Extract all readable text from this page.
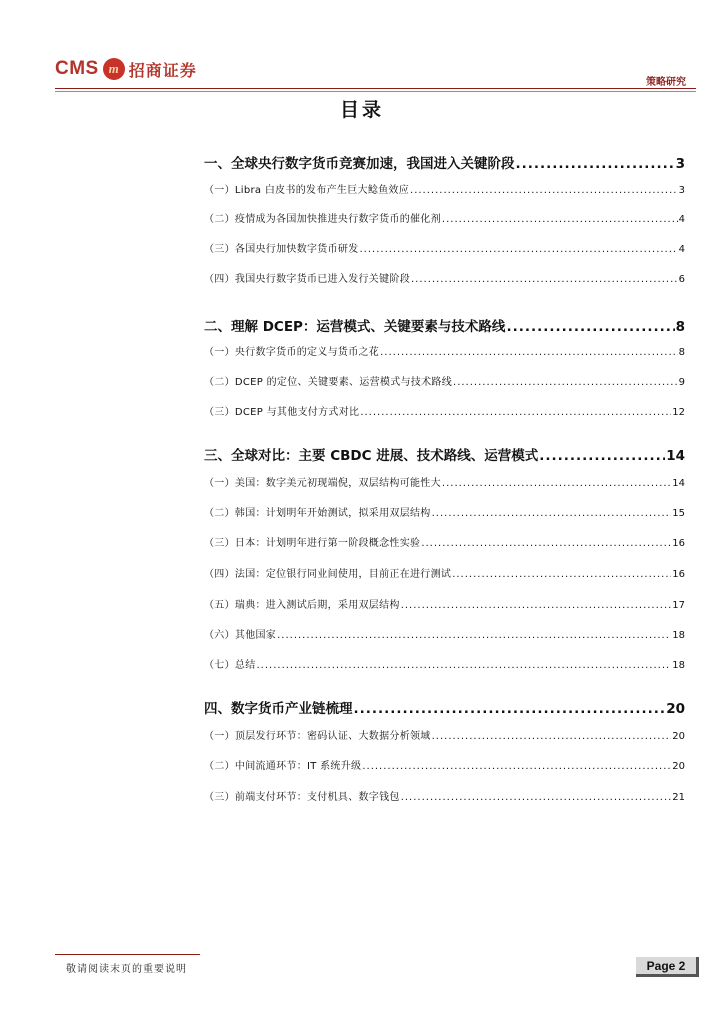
CMS m 招商证券
策略研究
目录
一、全球央行数字货币竞赛加速，我国进入关键阶段 .....	3
（一）Libra 白皮书的发布产生巨大鲶鱼效应 .....	3
（二）疫情成为各国加快推进央行数字货币的催化剂 .....	4
（三）各国央行加快数字货币研发 .....	4
（四）我国央行数字货币已进入发行关键阶段 .....	6
二、理解 DCEP：运营模式、关键要素与技术路线 .....	8
（一）央行数字货币的定义与货币之花 .....	8
（二）DCEP 的定位、关键要素、运营模式与技术路线 .....	9
（三）DCEP 与其他支付方式对比 .....	12
三、全球对比：主要 CBDC 进展、技术路线、运营模式 .....	14
（一）美国：数字美元初现端倪，双层结构可能性大 .....	14
（二）韩国：计划明年开始测试，拟采用双层结构 .....	15
（三）日本：计划明年进行第一阶段概念性实验 .....	16
（四）法国：定位银行同业间使用，目前正在进行测试 .....	16
（五）瑞典：进入测试后期，采用双层结构 .....	17
（六）其他国家 .....	18
（七）总结 .....	18
四、数字货币产业链梳理 .....	20
（一）顶层发行环节：密码认证、大数据分析领域 .....	20
（二）中间流通环节：IT 系统升级 .....	20
（三）前端支付环节：支付机具、数字钱包 .....	21
敬请阅读末页的重要说明	Page 2
